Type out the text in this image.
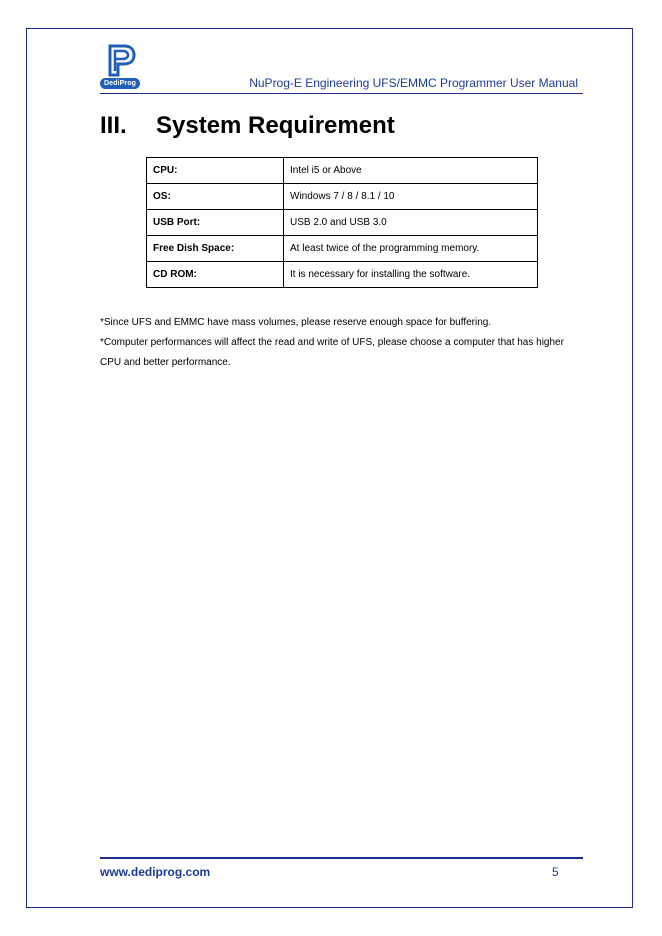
DediProg	NuProg-E Engineering UFS/EMMC Programmer User Manual
III. System Requirement
CPU:	Intel i5 or Above
OS:	Windows 7 / 8 / 8.1 / 10
USB Port:	USB 2.0 and USB 3.0
Free Dish Space:	At least twice of the programming memory.
CD ROM:	It is necessary for installing the software.

*Since UFS and EMMC have mass volumes, please reserve enough space for buffering.

*Computer performances will affect the read and write of UFS, please choose a computer that has higher CPU and better performance.

www.dediprog.com	5
